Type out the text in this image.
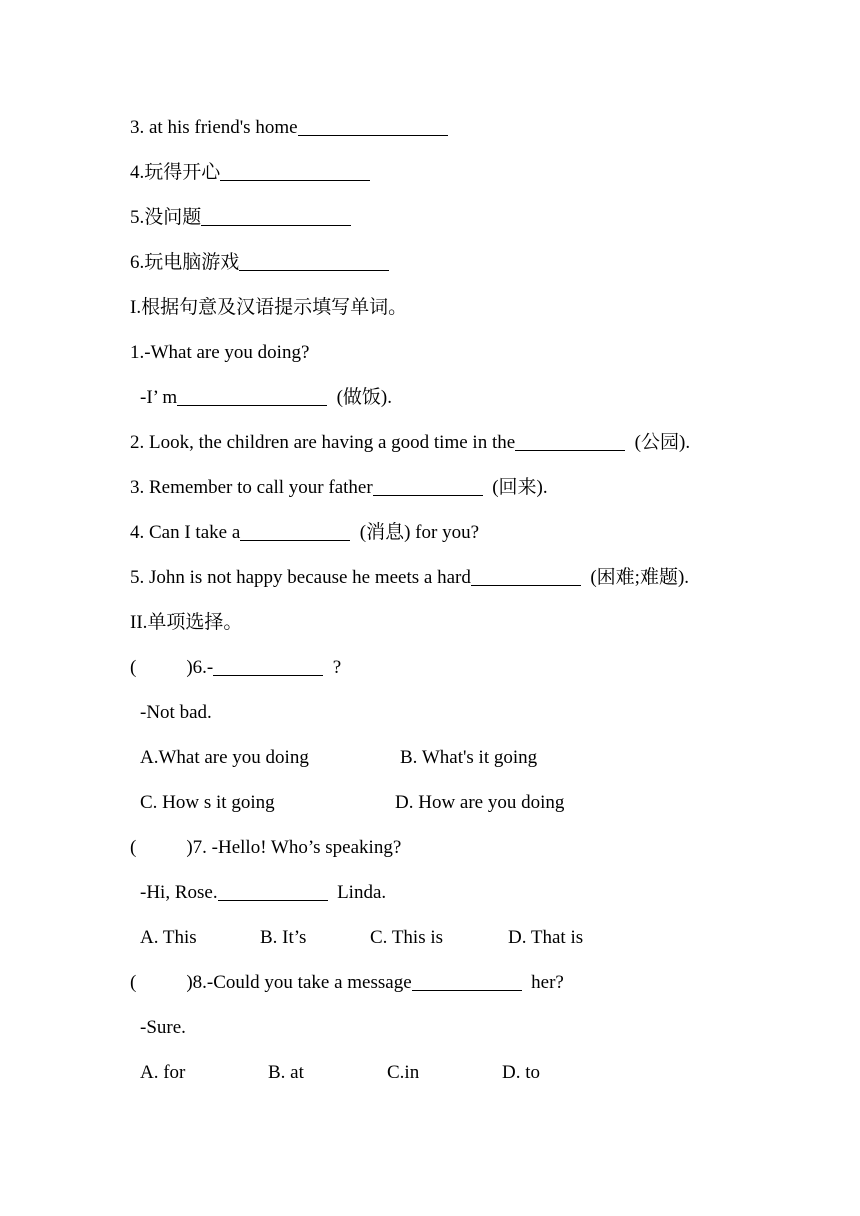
3. at his friend's home
4.玩得开心
5.没问题
6.玩电脑游戏
I.根据句意及汉语提示填写单词。
1.-What are you doing?
-I’ m	(做饭).
2. Look, the children are having a good time in the	(公园).
3. Remember to call your father	(回来).
4. Can I take a	(消息) for you?
5. John is not happy because he meets a hard	(困难;难题).
II.单项选择。
(	)6.-	?
-Not bad.
A.What are you doing	B. What's it going
C. How s it going	D. How are you doing
(	)7. -Hello! Who’s speaking?
-Hi, Rose.	Linda.
A. This	B. It’s	C. This is	D. That is
(	)8.-Could you take a message	her?
-Sure.
A. for	B. at	C.in	D. to
